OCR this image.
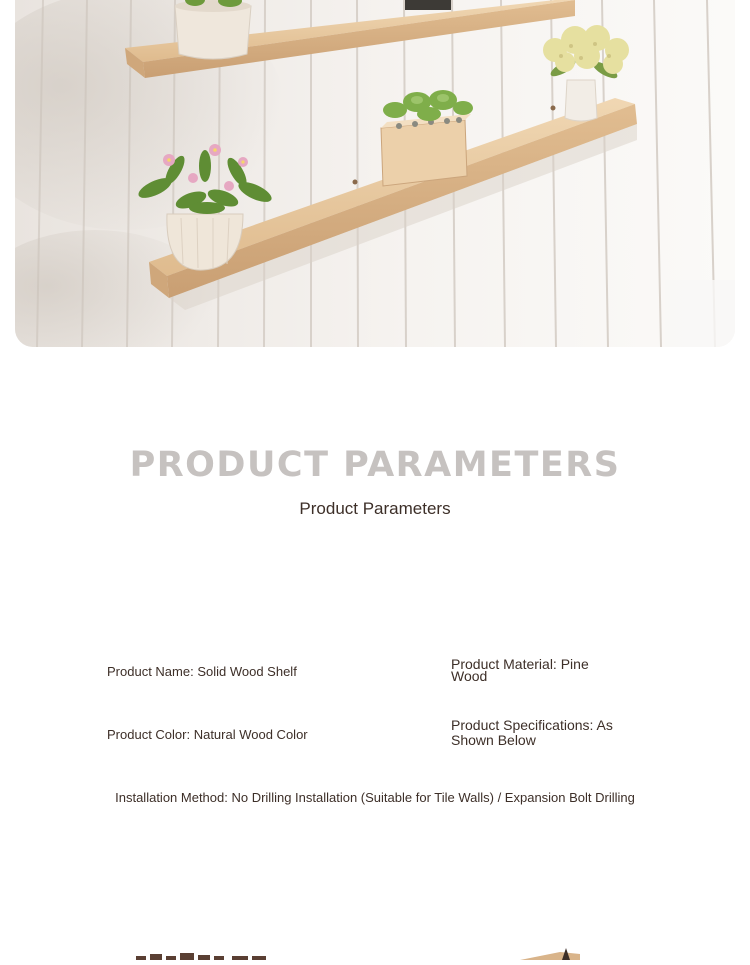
PRODUCT PARAMETERS
Product Parameters
Product Name: Solid Wood Shelf	Product Material: Pine Wood
Product Color: Natural Wood Color
Product Specifications: As Shown Below
Installation Method: No Drilling Installation (Suitable for Tile Walls) / Expansion Bolt Drilling
